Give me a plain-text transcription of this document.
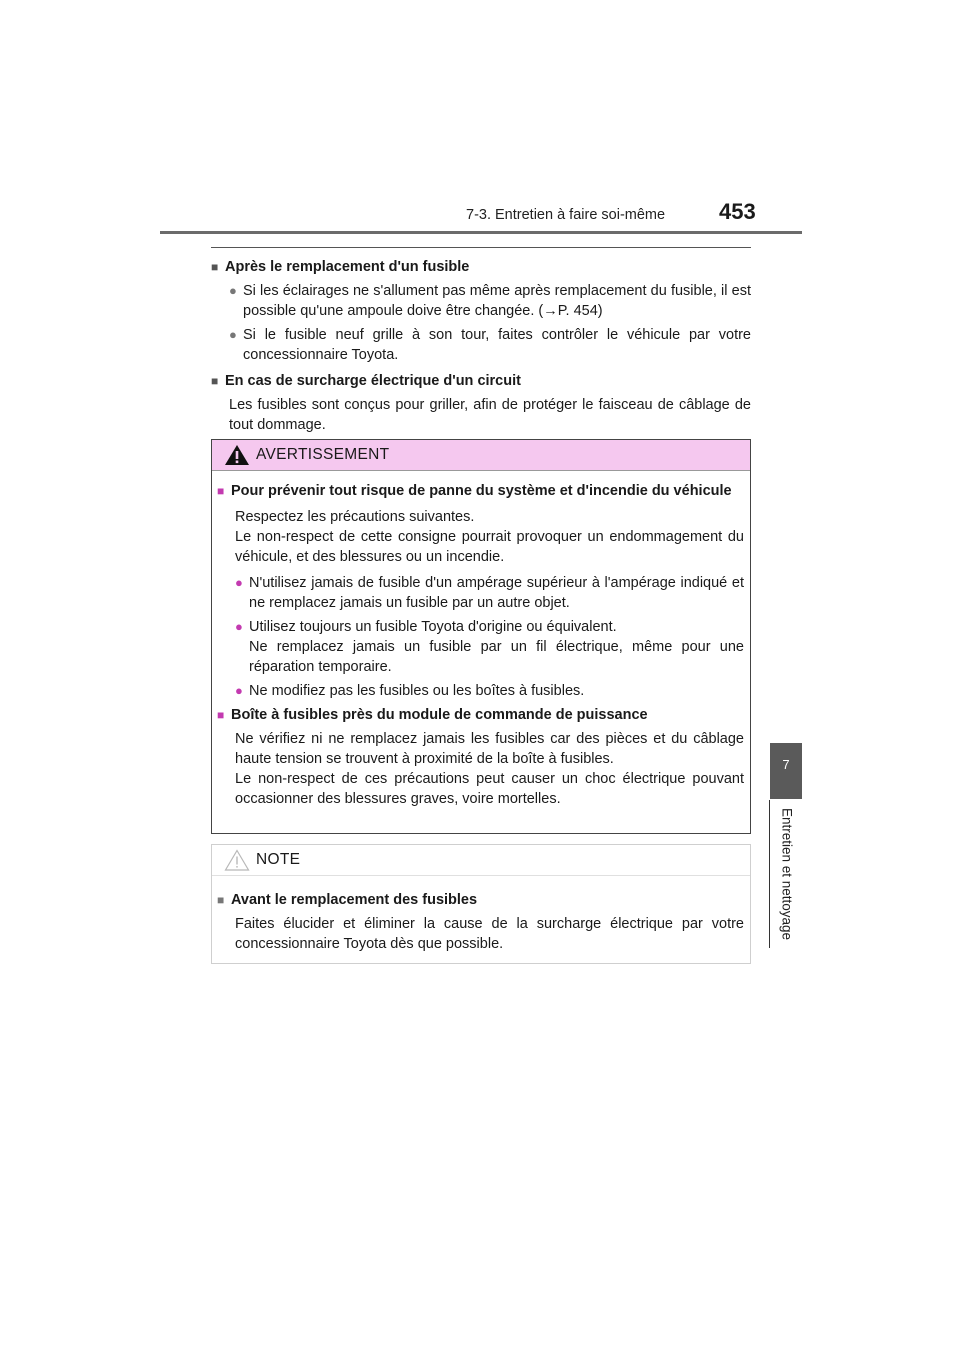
7-3. Entretien à faire soi-même 453
7
Entretien et nettoyage
■ Après le remplacement d'un fusible
● Si les éclairages ne s'allument pas même après remplacement du fusible, il est possible qu'une ampoule doive être changée. (→P. 454)
● Si le fusible neuf grille à son tour, faites contrôler le véhicule par votre concessionnaire Toyota.
■ En cas de surcharge électrique d'un circuit
Les fusibles sont conçus pour griller, afin de protéger le faisceau de câblage de tout dommage.
AVERTISSEMENT
■ Pour prévenir tout risque de panne du système et d'incendie du véhicule
Respectez les précautions suivantes.
Le non-respect de cette consigne pourrait provoquer un endommagement du véhicule, et des blessures ou un incendie.
● N'utilisez jamais de fusible d'un ampérage supérieur à l'ampérage indiqué et ne remplacez jamais un fusible par un autre objet.
● Utilisez toujours un fusible Toyota d'origine ou équivalent.
Ne remplacez jamais un fusible par un fil électrique, même pour une réparation temporaire.
● Ne modifiez pas les fusibles ou les boîtes à fusibles.
■ Boîte à fusibles près du module de commande de puissance
Ne vérifiez ni ne remplacez jamais les fusibles car des pièces et du câblage haute tension se trouvent à proximité de la boîte à fusibles.
Le non-respect de ces précautions peut causer un choc électrique pouvant occasionner des blessures graves, voire mortelles.
NOTE
■ Avant le remplacement des fusibles
Faites élucider et éliminer la cause de la surcharge électrique par votre concessionnaire Toyota dès que possible.
